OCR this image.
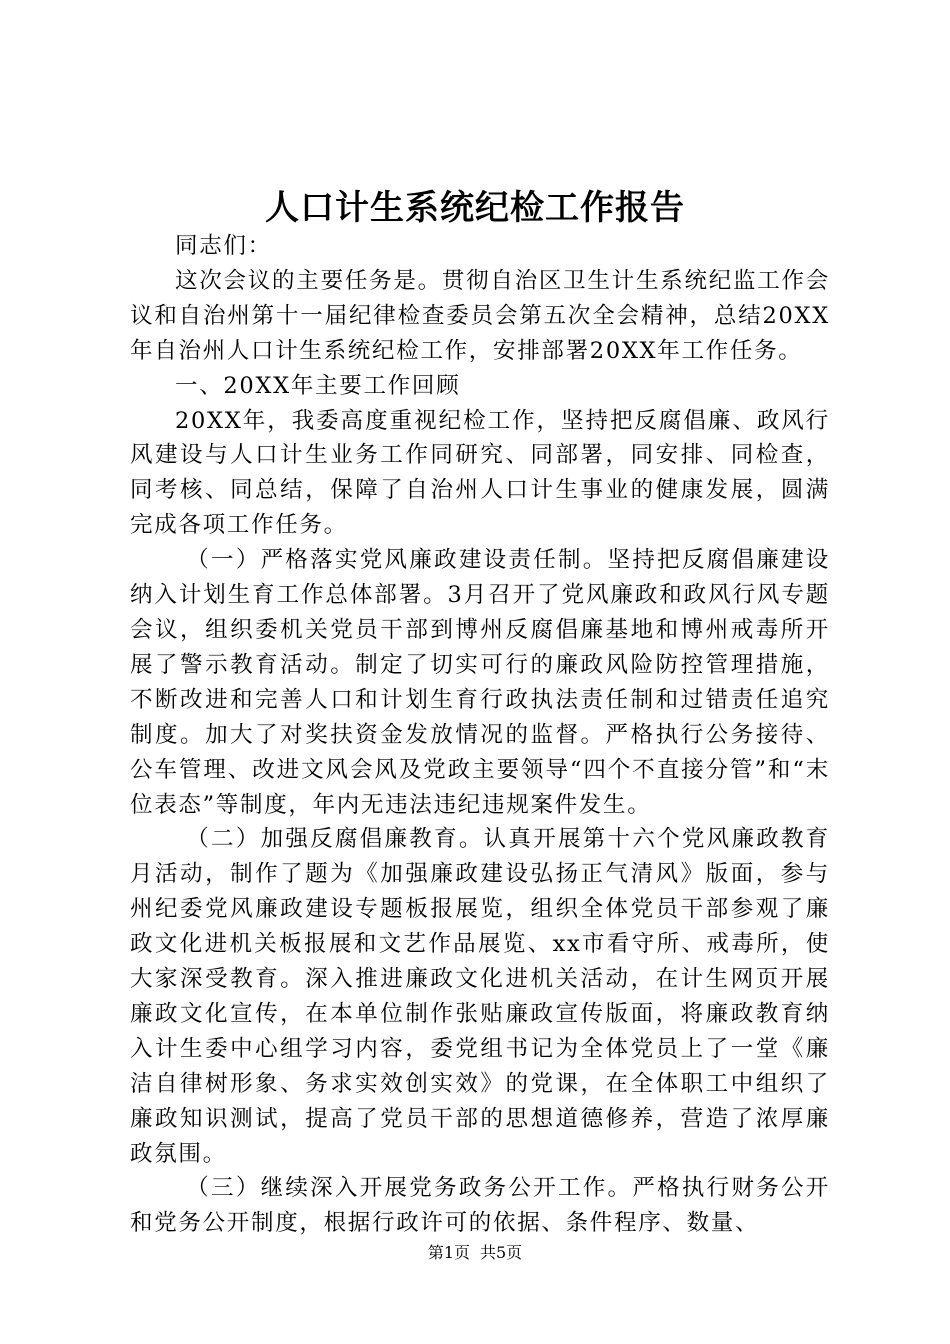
人口计生系统纪检工作报告

同志们：

这次会议的主要任务是。贯彻自治区卫生计生系统纪监工作会议和自治州第十一届纪律检查委员会第五次全会精神，总结20XX年自治州人口计生系统纪检工作，安排部署20XX年工作任务。

一、20XX年主要工作回顾

20XX年，我委高度重视纪检工作，坚持把反腐倡廉、政风行风建设与人口计生业务工作同研究、同部署，同安排、同检查，同考核、同总结，保障了自治州人口计生事业的健康发展，圆满完成各项工作任务。

（一）严格落实党风廉政建设责任制。坚持把反腐倡廉建设纳入计划生育工作总体部署。3月召开了党风廉政和政风行风专题会议，组织委机关党员干部到博州反腐倡廉基地和博州戒毒所开展了警示教育活动。制定了切实可行的廉政风险防控管理措施，不断改进和完善人口和计划生育行政执法责任制和过错责任追究制度。加大了对奖扶资金发放情况的监督。严格执行公务接待、公车管理、改进文风会风及党政主要领导“四个不直接分管”和“末位表态”等制度，年内无违法违纪违规案件发生。

（二）加强反腐倡廉教育。认真开展第十六个党风廉政教育月活动，制作了题为《加强廉政建设弘扬正气清风》版面，参与州纪委党风廉政建设专题板报展览，组织全体党员干部参观了廉政文化进机关板报展和文艺作品展览、xx市看守所、戒毒所，使大家深受教育。深入推进廉政文化进机关活动，在计生网页开展廉政文化宣传，在本单位制作张贴廉政宣传版面，将廉政教育纳入计生委中心组学习内容，委党组书记为全体党员上了一堂《廉洁自律树形象、务求实效创实效》的党课，在全体职工中组织了廉政知识测试，提高了党员干部的思想道德修养，营造了浓厚廉政氛围。

（三）继续深入开展党务政务公开工作。严格执行财务公开和党务公开制度，根据行政许可的依据、条件程序、数量、

第1页 共5页
